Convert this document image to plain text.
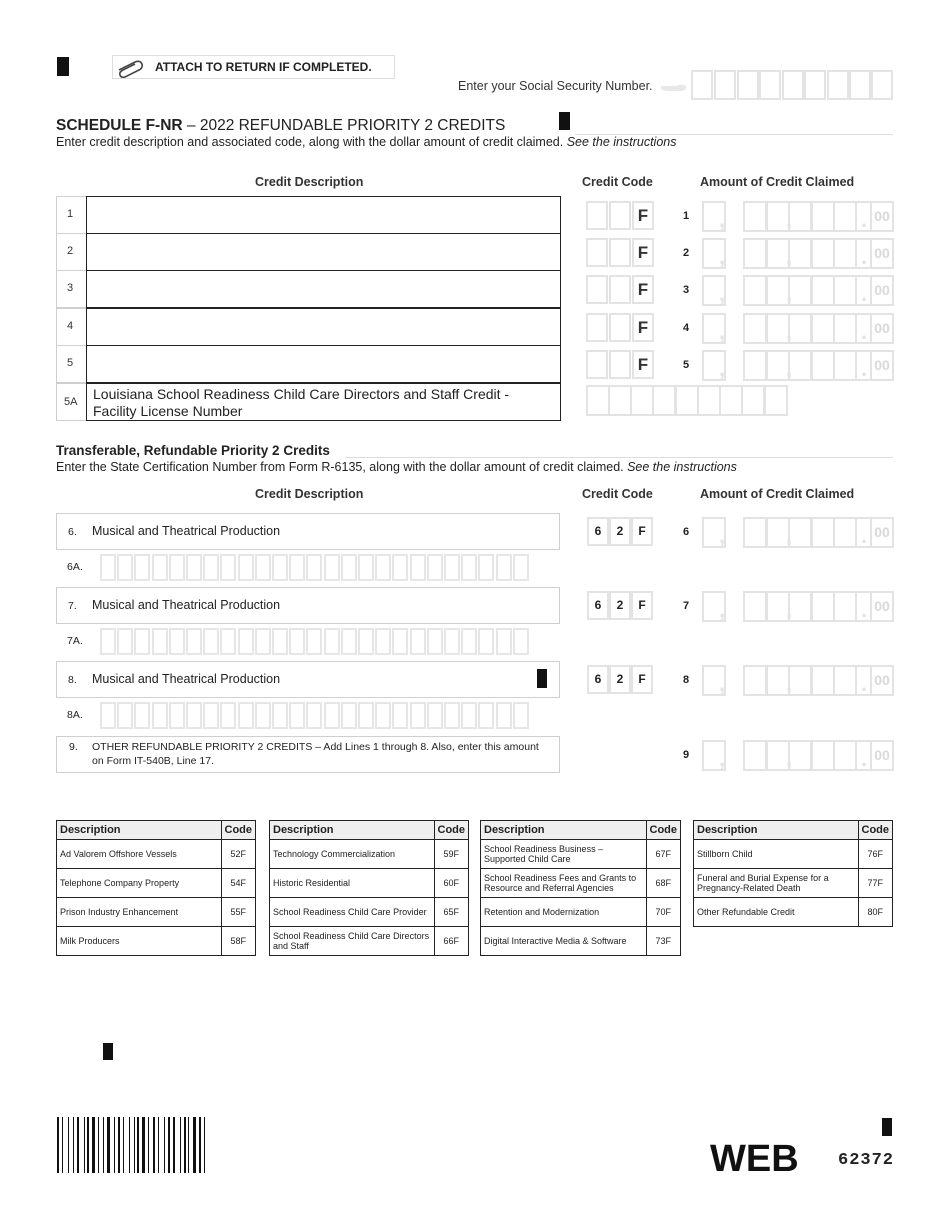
ATTACH TO RETURN IF COMPLETED.
Enter your Social Security Number.
SCHEDULE F-NR – 2022 REFUNDABLE PRIORITY 2 CREDITS
Enter credit description and associated code, along with the dollar amount of credit claimed. See the instructions
Credit Description	Credit Code	Amount of Credit Claimed
1	F	1 ,	,	. 00
2	F	2 ,	,	. 00
3	F	3 ,	,	. 00
4	F	4 ,	,	. 00
5	F	5 ,	,	. 00
5A Louisiana School Readiness Child Care Directors and Staff Credit -
Facility License Number
Transferable, Refundable Priority 2 Credits
Enter the State Certification Number from Form R-6135, along with the dollar amount of credit claimed. See the instructions
Credit Description	Credit Code	Amount of Credit Claimed
6. Musical and Theatrical Production	6	2	F	6 ,	,	. 00
6A.
7. Musical and Theatrical Production	6	2	F	7 ,	,	. 00
7A.
8. Musical and Theatrical Production	6	2	F	8 ,	,	. 00
8A.
9. OTHER REFUNDABLE PRIORITY 2 CREDITS – Add Lines 1 through 8. Also, enter this amount
on Form IT-540B, Line 17.	9 ,	,	. 00
Description	Code
Ad Valorem Offshore Vessels	52F
Telephone Company Property	54F
Prison Industry Enhancement	55F
Milk Producers	58F
Description	Code
Technology Commercialization	59F
Historic Residential	60F
School Readiness Child Care Provider	65F
School Readiness Child Care Directors and Staff	66F
Description	Code
School Readiness Business – Supported Child Care	67F
School Readiness Fees and Grants to Resource and Referral Agencies	68F
Retention and Modernization	70F
Digital Interactive Media & Software	73F
Description	Code
Stillborn Child	76F
Funeral and Burial Expense for a Pregnancy-Related Death	77F
Other Refundable Credit	80F
WEB 62372
